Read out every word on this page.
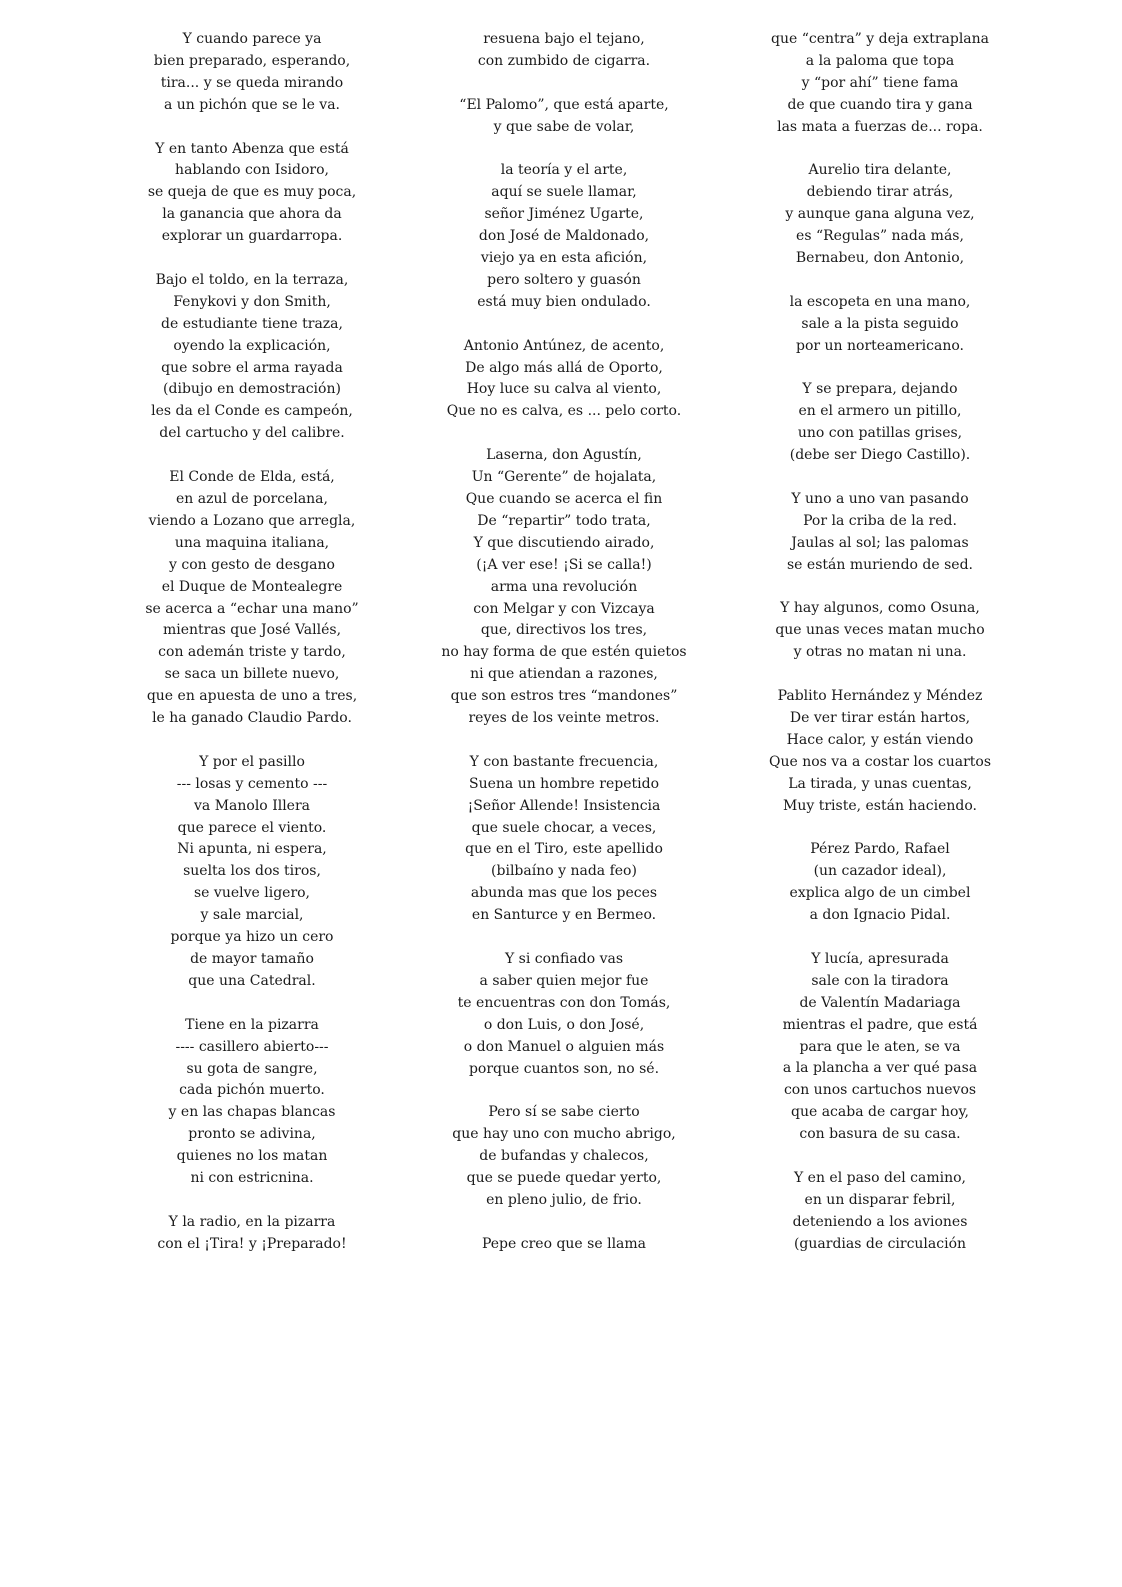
Y cuando parece ya
bien preparado, esperando,
tira... y se queda mirando
a un pichón que se le va.
Y en tanto Abenza que está
hablando con Isidoro,
se queja de que es muy poca,
la ganancia que ahora da
explorar un guardarropa.
Bajo el toldo, en la terraza,
Fenykovi y don Smith,
de estudiante tiene traza,
oyendo la explicación,
que sobre el arma rayada
(dibujo en demostración)
les da el Conde es campeón,
del cartucho y del calibre.
El Conde de Elda, está,
en azul de porcelana,
viendo a Lozano que arregla,
una maquina italiana,
y con gesto de desgano
el Duque de Montealegre
se acerca a “echar una mano”
mientras que José Vallés,
con ademán triste y tardo,
se saca un billete nuevo,
que en apuesta de uno a tres,
le ha ganado Claudio Pardo.
Y por el pasillo
--- losas y cemento ---
va Manolo Illera
que parece el viento.
Ni apunta, ni espera,
suelta los dos tiros,
se vuelve ligero,
y sale marcial,
porque ya hizo un cero
de mayor tamaño
que una Catedral.
Tiene en la pizarra
---- casillero abierto---
su gota de sangre,
cada pichón muerto.
y en las chapas blancas
pronto se adivina,
quienes no los matan
ni con estricnina.
Y la radio, en la pizarra
con el ¡Tira! y ¡Preparado!
resuena bajo el tejano,
con zumbido de cigarra.
“El Palomo”, que está aparte,
y que sabe de volar,
la teoría y el arte,
aquí se suele llamar,
señor Jiménez Ugarte,
don José de Maldonado,
viejo ya en esta afición,
pero soltero y guasón
está muy bien ondulado.
Antonio Antúnez, de acento,
De algo más allá de Oporto,
Hoy luce su calva al viento,
Que no es calva, es ... pelo corto.
Laserna, don Agustín,
Un “Gerente” de hojalata,
Que cuando se acerca el fin
De “repartir” todo trata,
Y que discutiendo airado,
(¡A ver ese! ¡Si se calla!)
arma una revolución
con Melgar y con Vizcaya
que, directivos los tres,
no hay forma de que estén quietos
ni que atiendan a razones,
que son estros tres “mandones”
reyes de los veinte metros.
Y con bastante frecuencia,
Suena un hombre repetido
¡Señor Allende! Insistencia
que suele chocar, a veces,
que en el Tiro, este apellido
(bilbaíno y nada feo)
abunda mas que los peces
en Santurce y en Bermeo.
Y si confiado vas
a saber quien mejor fue
te encuentras con don Tomás,
o don Luis, o don José,
o don Manuel o alguien más
porque cuantos son, no sé.
Pero sí se sabe cierto
que hay uno con mucho abrigo,
de bufandas y chalecos,
que se puede quedar yerto,
en pleno julio, de frio.
Pepe creo que se llama
que “centra” y deja extraplana
a la paloma que topa
y “por ahí” tiene fama
de que cuando tira y gana
las mata a fuerzas de... ropa.
Aurelio tira delante,
debiendo tirar atrás,
y aunque gana alguna vez,
es “Regulas” nada más,
Bernabeu, don Antonio,
la escopeta en una mano,
sale a la pista seguido
por un norteamericano.
Y se prepara, dejando
en el armero un pitillo,
uno con patillas grises,
(debe ser Diego Castillo).
Y uno a uno van pasando
Por la criba de la red.
Jaulas al sol; las palomas
se están muriendo de sed.
Y hay algunos, como Osuna,
que unas veces matan mucho
y otras no matan ni una.
Pablito Hernández y Méndez
De ver tirar están hartos,
Hace calor, y están viendo
Que nos va a costar los cuartos
La tirada, y unas cuentas,
Muy triste, están haciendo.
Pérez Pardo, Rafael
(un cazador ideal),
explica algo de un cimbel
a don Ignacio Pidal.
Y lucía, apresurada
sale con la tiradora
de Valentín Madariaga
mientras el padre, que está
para que le aten, se va
a la plancha a ver qué pasa
con unos cartuchos nuevos
que acaba de cargar hoy,
con basura de su casa.
Y en el paso del camino,
en un disparar febril,
deteniendo a los aviones
(guardias de circulación
